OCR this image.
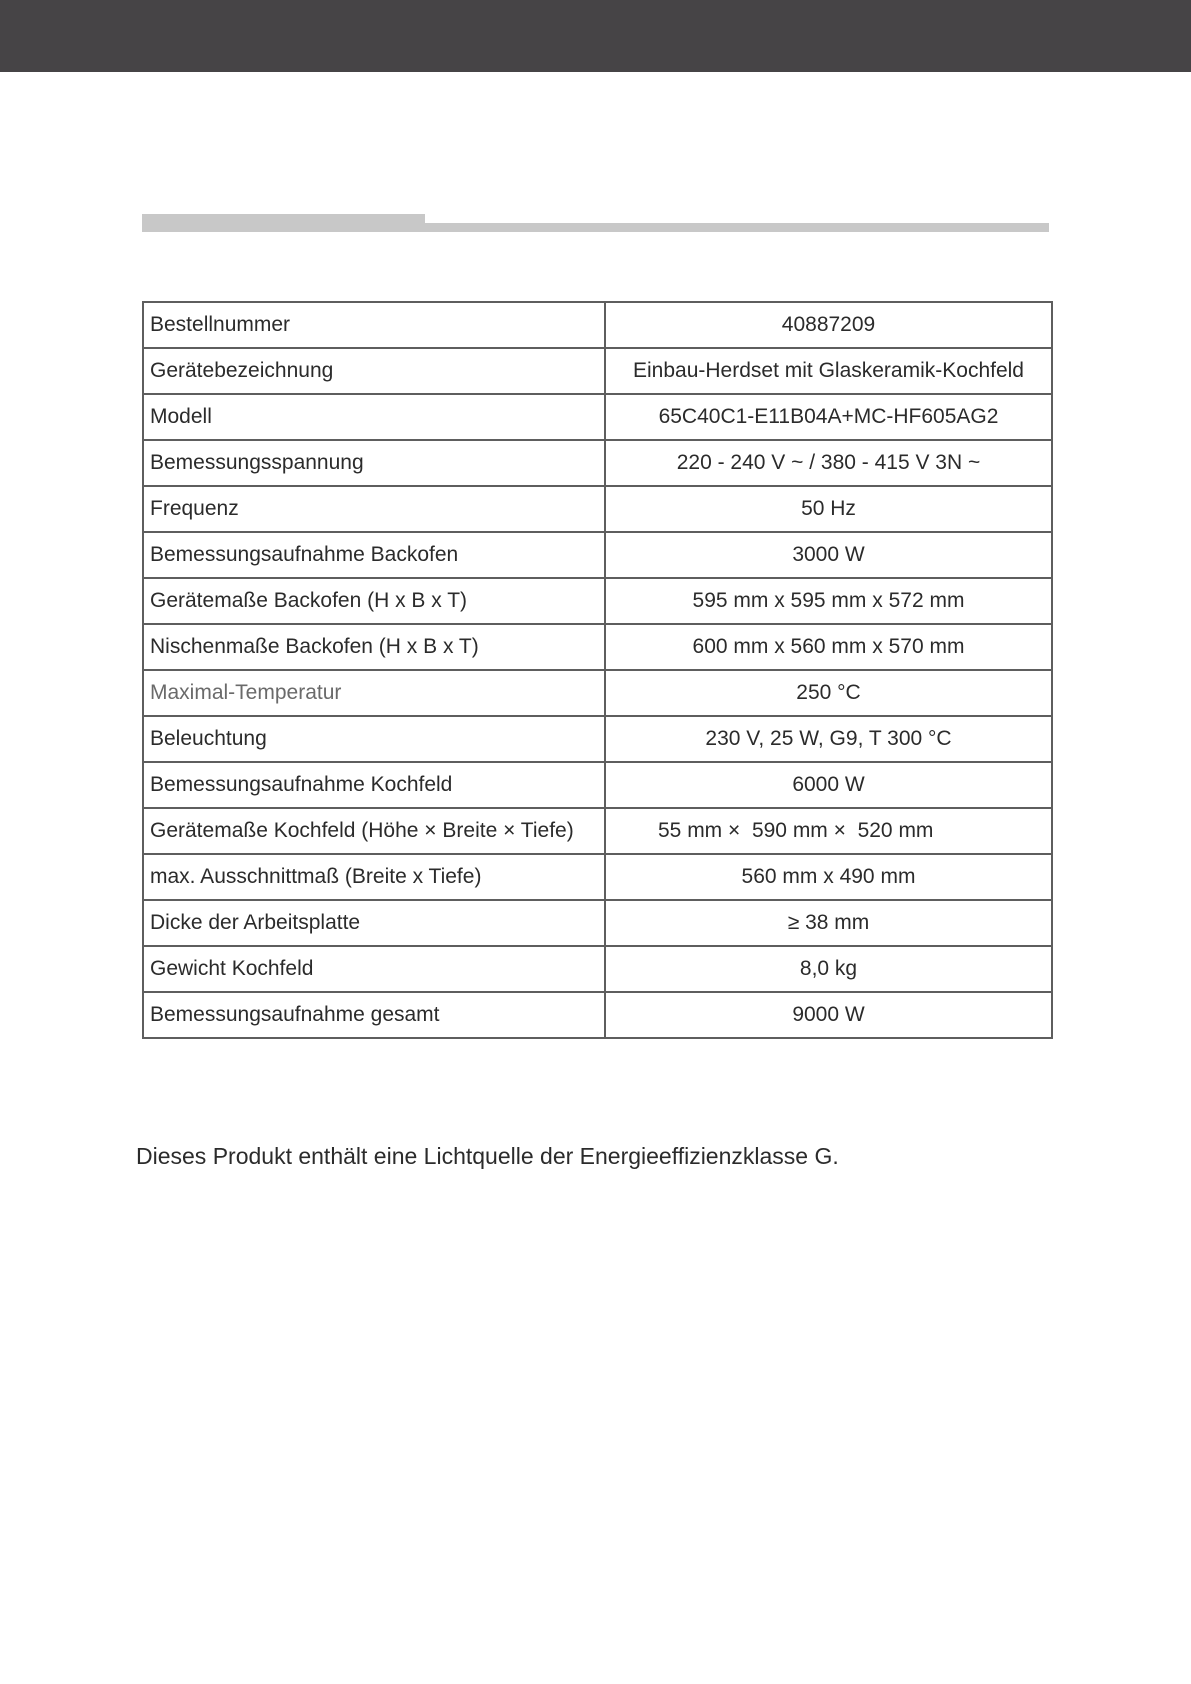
Bestellnummer	40887209
Gerätebezeichnung	Einbau-Herdset mit Glaskeramik-Kochfeld
Modell	65C40C1-E11B04A+MC-HF605AG2
Bemessungsspannung	220 - 240 V ~ / 380 - 415 V 3N ~
Frequenz	50 Hz
Bemessungsaufnahme Backofen	3000 W
Gerätemaße Backofen (H x B x T)	595 mm x 595 mm x 572 mm
Nischenmaße Backofen (H x B x T)	600 mm x 560 mm x 570 mm
Maximal-Temperatur	250 °C
Beleuchtung	230 V, 25 W, G9, T 300 °C
Bemessungsaufnahme Kochfeld	6000 W
Gerätemaße Kochfeld (Höhe × Breite × Tiefe)	55 mm ×  590 mm ×  520 mm
max. Ausschnittmaß (Breite x Tiefe)	560 mm x 490 mm
Dicke der Arbeitsplatte	≥ 38 mm
Gewicht Kochfeld	8,0 kg
Bemessungsaufnahme gesamt	9000 W

Dieses Produkt enthält eine Lichtquelle der Energieeffizienzklasse G.
